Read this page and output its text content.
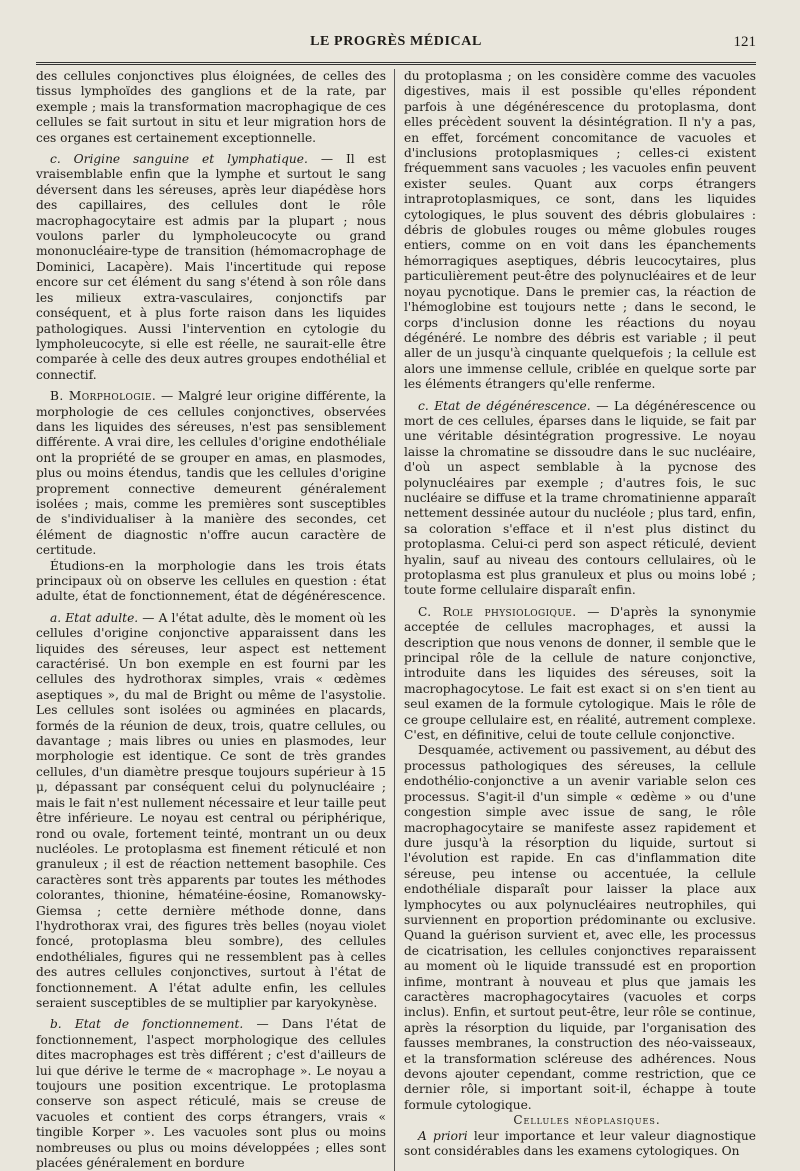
LE PROGRÈS MÉDICAL	121

des cellules conjonctives plus éloignées, de celles des tissus lymphoïdes des ganglions et de la rate, par exemple ; mais la transformation macrophagique de ces cellules se fait surtout in situ et leur migration hors de ces organes est certainement exceptionnelle.

c. Origine sanguine et lymphatique. — Il est vraisemblable enfin que la lymphe et surtout le sang déversent dans les séreuses, après leur diapédèse hors des capillaires, des cellules dont le rôle macrophagocytaire est admis par la plupart ; nous voulons parler du lympholeucocyte ou grand mononucléaire-type de transition (hémomacrophage de Dominici, Lacapère). Mais l'incertitude qui repose encore sur cet élément du sang s'étend à son rôle dans les milieux extra-vasculaires, conjonctifs par conséquent, et à plus forte raison dans les liquides pathologiques. Aussi l'intervention en cytologie du lympholeucocyte, si elle est réelle, ne saurait-elle être comparée à celle des deux autres groupes endothélial et connectif.

B. Morphologie. — Malgré leur origine différente, la morphologie de ces cellules conjonctives, observées dans les liquides des séreuses, n'est pas sensiblement différente. A vrai dire, les cellules d'origine endothéliale ont la propriété de se grouper en amas, en plasmodes, plus ou moins étendus, tandis que les cellules d'origine proprement connective demeurent généralement isolées ; mais, comme les premières sont susceptibles de s'individualiser à la manière des secondes, cet élément de diagnostic n'offre aucun caractère de certitude.

Étudions-en la morphologie dans les trois états principaux où on observe les cellules en question : état adulte, état de fonctionnement, état de dégénérescence.

a. Etat adulte. — A l'état adulte, dès le moment où les cellules d'origine conjonctive apparaissent dans les liquides des séreuses, leur aspect est nettement caractérisé. Un bon exemple en est fourni par les cellules des hydrothorax simples, vrais « œdèmes aseptiques », du mal de Bright ou même de l'asystolie. Les cellules sont isolées ou agminées en placards, formés de la réunion de deux, trois, quatre cellules, ou davantage ; mais libres ou unies en plasmodes, leur morphologie est identique. Ce sont de très grandes cellules, d'un diamètre presque toujours supérieur à 15 μ, dépassant par conséquent celui du polynucléaire ; mais le fait n'est nullement nécessaire et leur taille peut être inférieure. Le noyau est central ou périphérique, rond ou ovale, fortement teinté, montrant un ou deux nucléoles. Le protoplasma est finement réticulé et non granuleux ; il est de réaction nettement basophile. Ces caractères sont très apparents par toutes les méthodes colorantes, thionine, hématéine-éosine, Romanowsky-Giemsa ; cette dernière méthode donne, dans l'hydrothorax vrai, des figures très belles (noyau violet foncé, protoplasma bleu sombre), des cellules endothéliales, figures qui ne ressemblent pas à celles des autres cellules conjonctives, surtout à l'état de fonctionnement. A l'état adulte enfin, les cellules seraient susceptibles de se multiplier par karyokynèse.

b. Etat de fonctionnement. — Dans l'état de fonctionnement, l'aspect morphologique des cellules dites macrophages est très différent ; c'est d'ailleurs de lui que dérive le terme de « macrophage ». Le noyau a toujours une position excentrique. Le protoplasma conserve son aspect réticulé, mais se creuse de vacuoles et contient des corps étrangers, vrais « tingible Korper ». Les vacuoles sont plus ou moins nombreuses ou plus ou moins développées ; elles sont placées généralement en bordure

du protoplasma ; on les considère comme des vacuoles digestives, mais il est possible qu'elles répondent parfois à une dégénérescence du protoplasma, dont elles précèdent souvent la désintégration. Il n'y a pas, en effet, forcément concomitance de vacuoles et d'inclusions protoplasmiques ; celles-ci existent fréquemment sans vacuoles ; les vacuoles enfin peuvent exister seules. Quant aux corps étrangers intraprotoplasmiques, ce sont, dans les liquides cytologiques, le plus souvent des débris globulaires : débris de globules rouges ou même globules rouges entiers, comme on en voit dans les épanchements hémorragiques aseptiques, débris leucocytaires, plus particulièrement peut-être des polynucléaires et de leur noyau pycnotique. Dans le premier cas, la réaction de l'hémoglobine est toujours nette ; dans le second, le corps d'inclusion donne les réactions du noyau dégénéré. Le nombre des débris est variable ; il peut aller de un jusqu'à cinquante quelquefois ; la cellule est alors une immense cellule, criblée en quelque sorte par les éléments étrangers qu'elle renferme.

c. Etat de dégénérescence. — La dégénérescence ou mort de ces cellules, éparses dans le liquide, se fait par une véritable désintégration progressive. Le noyau laisse la chromatine se dissoudre dans le suc nucléaire, d'où un aspect semblable à la pycnose des polynucléaires par exemple ; d'autres fois, le suc nucléaire se diffuse et la trame chromatinienne apparaît nettement dessinée autour du nucléole ; plus tard, enfin, sa coloration s'efface et il n'est plus distinct du protoplasma. Celui-ci perd son aspect réticulé, devient hyalin, sauf au niveau des contours cellulaires, où le protoplasma est plus granuleux et plus ou moins lobé ; toute forme cellulaire disparaît enfin.

C. Role physiologique. — D'après la synonymie acceptée de cellules macrophages, et aussi la description que nous venons de donner, il semble que le principal rôle de la cellule de nature conjonctive, introduite dans les liquides des séreuses, soit la macrophagocytose. Le fait est exact si on s'en tient au seul examen de la formule cytologique. Mais le rôle de ce groupe cellulaire est, en réalité, autrement complexe. C'est, en définitive, celui de toute cellule conjonctive.

Desquamée, activement ou passivement, au début des processus pathologiques des séreuses, la cellule endothélio-conjonctive a un avenir variable selon ces processus. S'agit-il d'un simple « œdème » ou d'une congestion simple avec issue de sang, le rôle macrophagocytaire se manifeste assez rapidement et dure jusqu'à la résorption du liquide, surtout si l'évolution est rapide. En cas d'inflammation dite séreuse, peu intense ou accentuée, la cellule endothéliale disparaît pour laisser la place aux lymphocytes ou aux polynucléaires neutrophiles, qui surviennent en proportion prédominante ou exclusive. Quand la guérison survient et, avec elle, les processus de cicatrisation, les cellules conjonctives reparaissent au moment où le liquide transsudé est en proportion infime, montrant à nouveau et plus que jamais les caractères macrophagocytaires (vacuoles et corps inclus). Enfin, et surtout peut-être, leur rôle se continue, après la résorption du liquide, par l'organisation des fausses membranes, la construction des néo-vaisseaux, et la transformation scléreuse des adhérences. Nous devons ajouter cependant, comme restriction, que ce dernier rôle, si important soit-il, échappe à toute formule cytologique.

Cellules néoplasiques.

A priori leur importance et leur valeur diagnostique sont considérables dans les examens cytologiques. On
